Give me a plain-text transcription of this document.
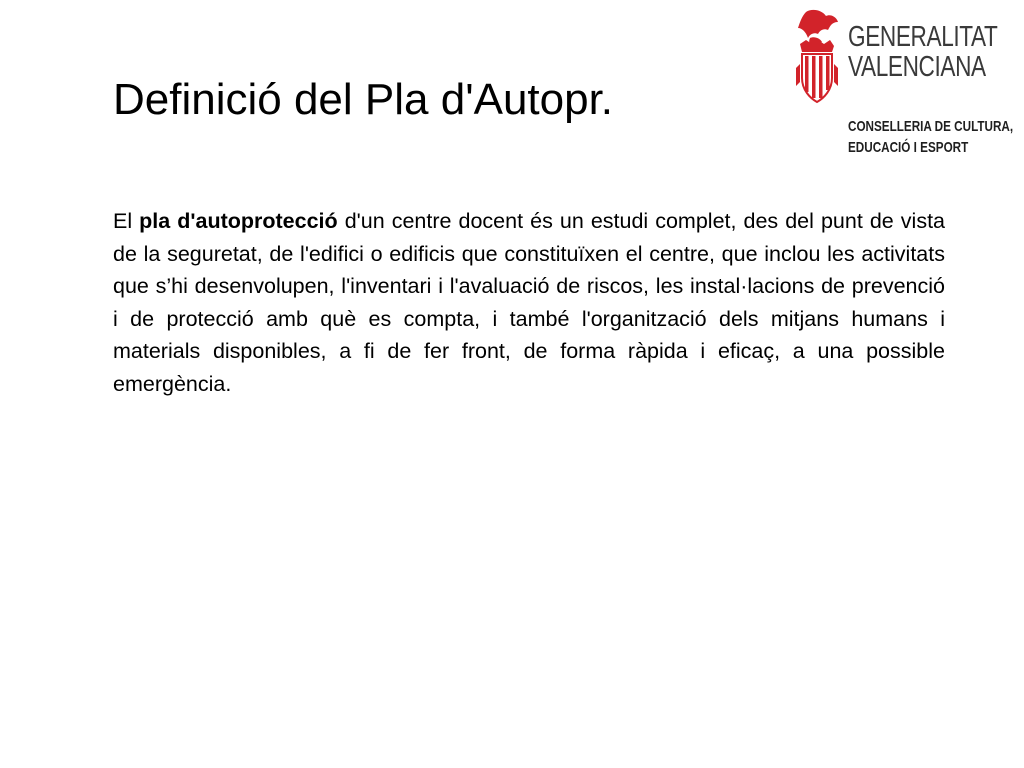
Definició del Pla d'Autopr.
GENERALITAT
VALENCIANA
CONSELLERIA DE CULTURA,
EDUCACIÓ I ESPORT

El pla d'autoprotecció d'un centre docent és un estudi complet, des del punt de vista de la seguretat, de l'edifici o edificis que constituïxen el centre, que inclou les activitats que s’hi desenvolupen, l'inventari i l'avaluació de riscos, les instal·lacions de prevenció i de protecció amb què es compta, i també l'organització dels mitjans humans i materials disponibles, a fi de fer front, de forma ràpida i eficaç, a una possible emergència.
